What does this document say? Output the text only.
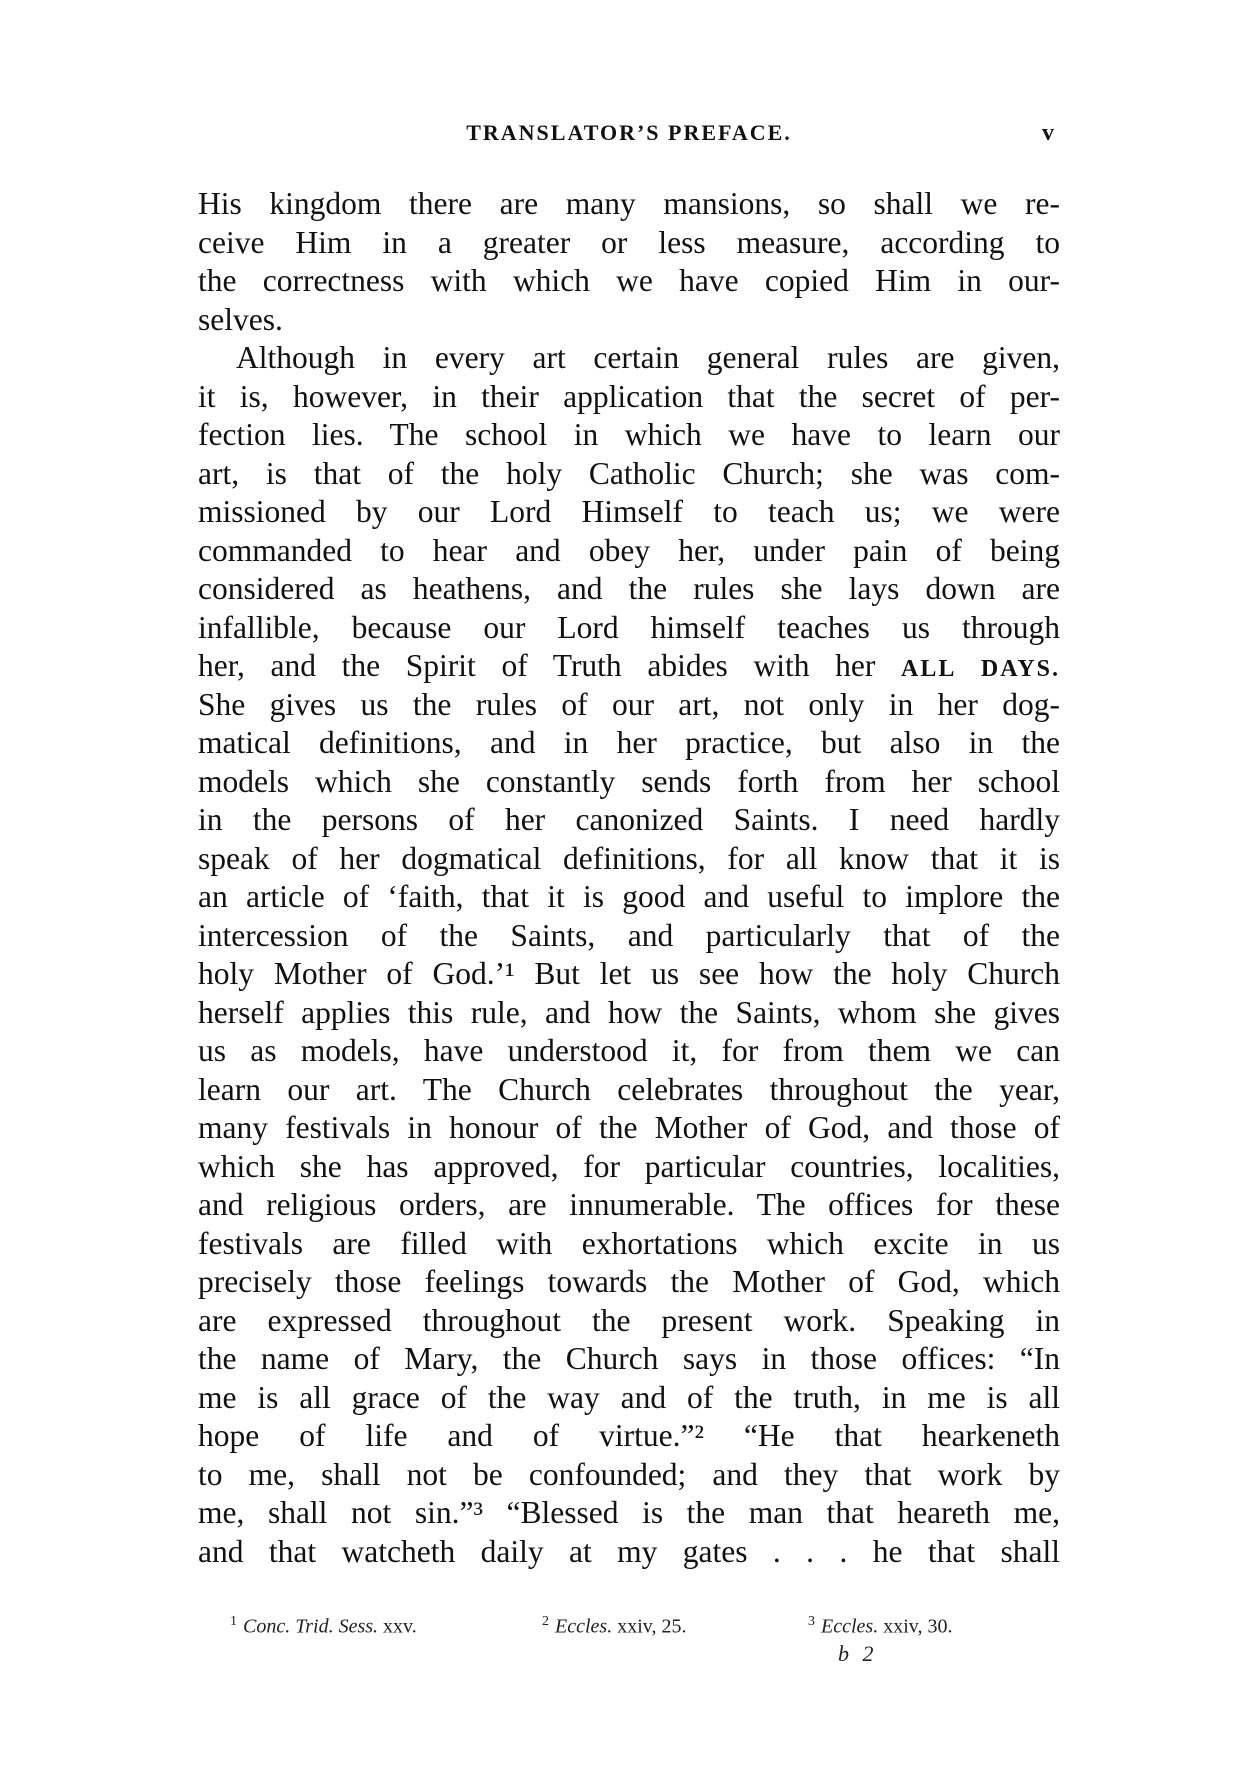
TRANSLATOR’S PREFACE.	v
His kingdom there are many mansions, so shall we re-
ceive Him in a greater or less measure, according to
the correctness with which we have copied Him in our-
selves.
Although in every art certain general rules are given,
it is, however, in their application that the secret of per-
fection lies. The school in which we have to learn our
art, is that of the holy Catholic Church; she was com-
missioned by our Lord Himself to teach us; we were
commanded to hear and obey her, under pain of being
considered as heathens, and the rules she lays down are
infallible, because our Lord himself teaches us through
her, and the Spirit of Truth abides with her ALL DAYS.
She gives us the rules of our art, not only in her dog-
matical definitions, and in her practice, but also in the
models which she constantly sends forth from her school
in the persons of her canonized Saints. I need hardly
speak of her dogmatical definitions, for all know that it is
an article of ‘faith, that it is good and useful to implore the
intercession of the Saints, and particularly that of the
holy Mother of God.’¹ But let us see how the holy Church
herself applies this rule, and how the Saints, whom she gives
us as models, have understood it, for from them we can
learn our art. The Church celebrates throughout the year,
many festivals in honour of the Mother of God, and those of
which she has approved, for particular countries, localities,
and religious orders, are innumerable. The offices for these
festivals are filled with exhortations which excite in us
precisely those feelings towards the Mother of God, which
are expressed throughout the present work. Speaking in
the name of Mary, the Church says in those offices: “In
me is all grace of the way and of the truth, in me is all
hope of life and of virtue.”² “He that hearkeneth
to me, shall not be confounded; and they that work by
me, shall not sin.”³ “Blessed is the man that heareth me,
and that watcheth daily at my gates . . . he that shall
$^1$ Conc. Trid. Sess. xxv.	$^2$ Eccles. xxiv, 25.	$^3$ Eccles. xxiv, 30.
b 2
